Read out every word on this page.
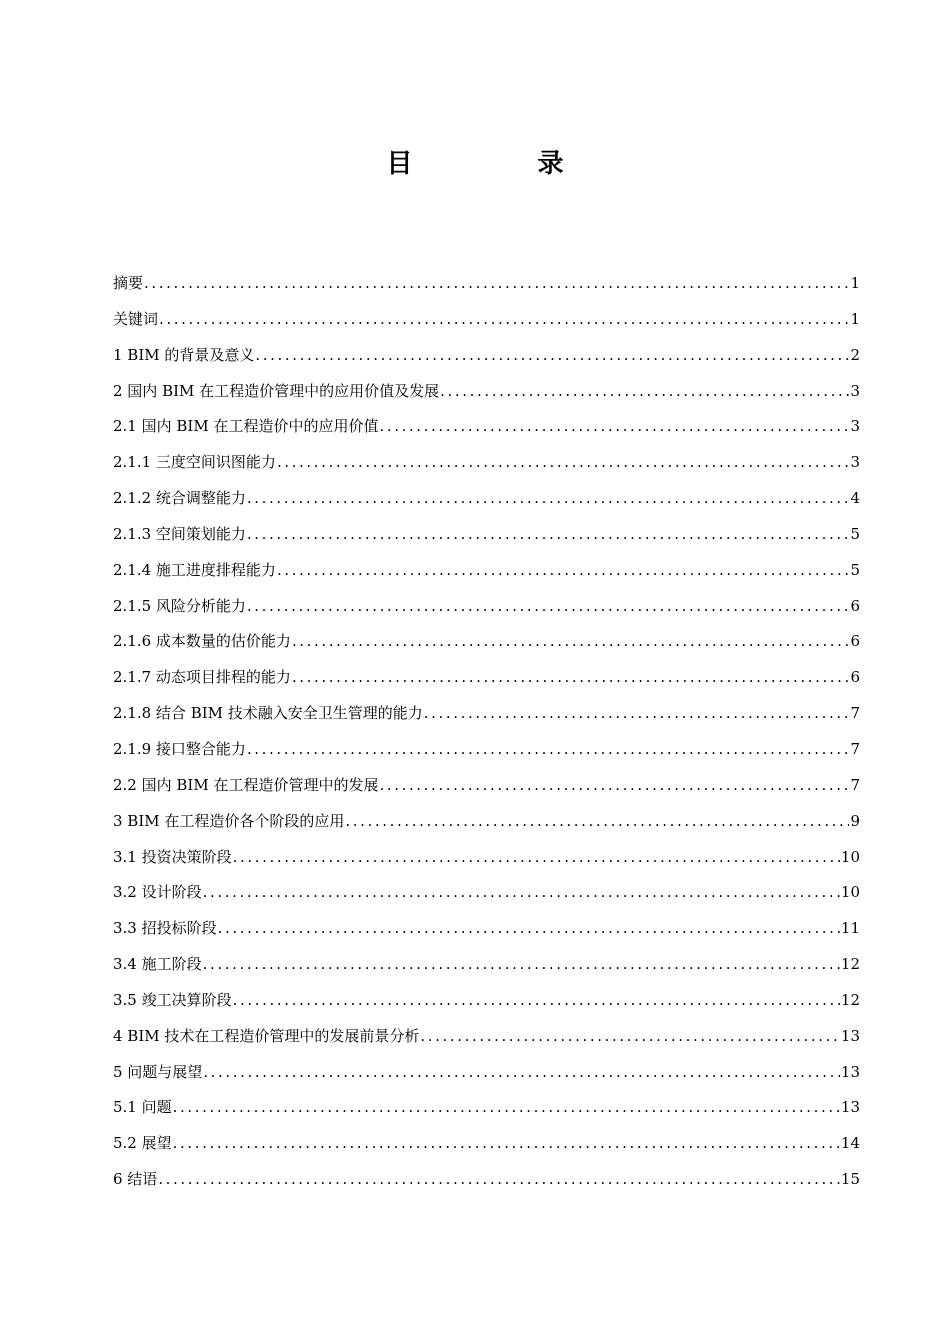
目 录
摘要 .....	1
关键词 .....	1
1 BIM 的背景及意义 .....	2
2 国内 BIM 在工程造价管理中的应用价值及发展 .....	3
2.1 国内 BIM 在工程造价中的应用价值 .....	3
2.1.1 三度空间识图能力 .....	3
2.1.2 统合调整能力 .....	4
2.1.3 空间策划能力 .....	5
2.1.4 施工进度排程能力 .....	5
2.1.5 风险分析能力 .....	6
2.1.6 成本数量的估价能力 .....	6
2.1.7 动态项目排程的能力 .....	6
2.1.8 结合 BIM 技术融入安全卫生管理的能力 .....	7
2.1.9 接口整合能力 .....	7
2.2 国内 BIM 在工程造价管理中的发展 .....	7
3 BIM 在工程造价各个阶段的应用 .....	9
3.1 投资决策阶段 .....	10
3.2 设计阶段 .....	10
3.3 招投标阶段 .....	11
3.4 施工阶段 .....	12
3.5 竣工决算阶段 .....	12
4 BIM 技术在工程造价管理中的发展前景分析 .....	13
5 问题与展望 .....	13
5.1 问题 .....	13
5.2 展望 .....	14
6 结语 .....	15
